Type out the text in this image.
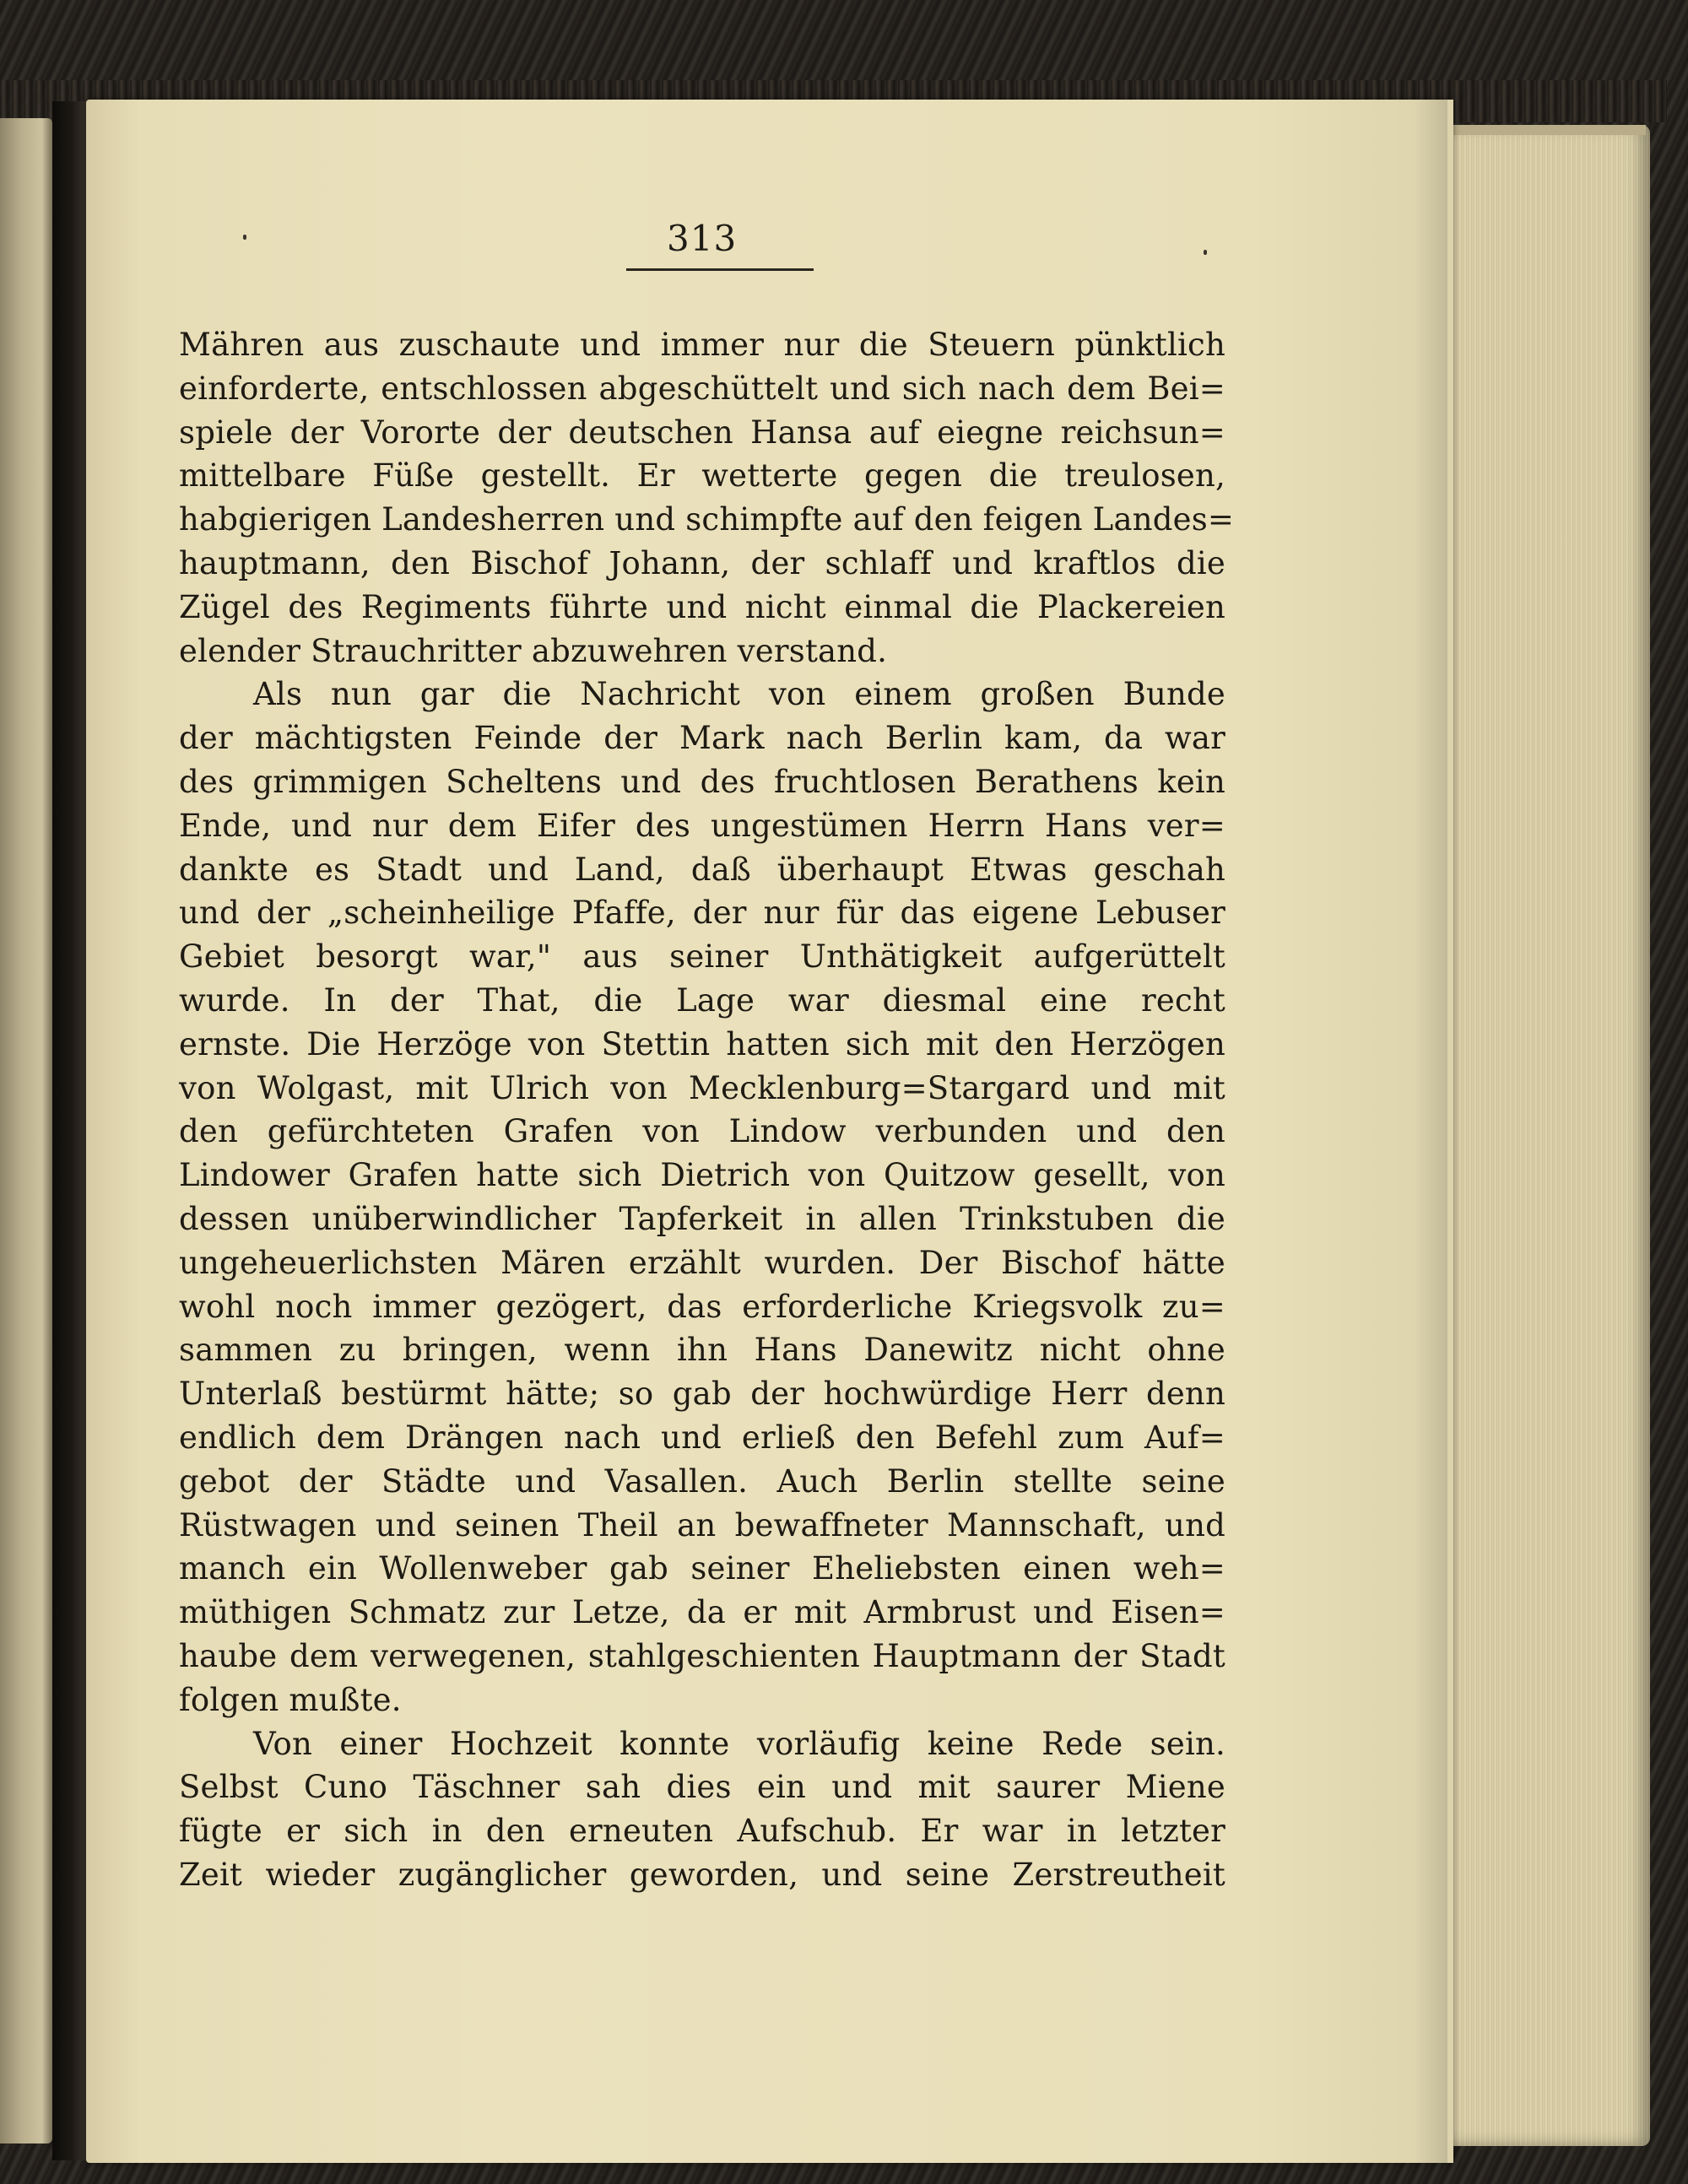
313
Mähren aus zuschaute und immer nur die Steuern pünktlich
einforderte, entschlossen abgeschüttelt und sich nach dem Bei=
spiele der Vororte der deutschen Hansa auf eiegne reichsun=
mittelbare Füße gestellt. Er wetterte gegen die treulosen,
habgierigen Landesherren und schimpfte auf den feigen Landes=
hauptmann, den Bischof Johann, der schlaff und kraftlos die
Zügel des Regiments führte und nicht einmal die Plackereien
elender Strauchritter abzuwehren verstand.
Als nun gar die Nachricht von einem großen Bunde
der mächtigsten Feinde der Mark nach Berlin kam, da war
des grimmigen Scheltens und des fruchtlosen Berathens kein
Ende, und nur dem Eifer des ungestümen Herrn Hans ver=
dankte es Stadt und Land, daß überhaupt Etwas geschah
und der „scheinheilige Pfaffe, der nur für das eigene Lebuser
Gebiet besorgt war," aus seiner Unthätigkeit aufgerüttelt
wurde. In der That, die Lage war diesmal eine recht
ernste. Die Herzöge von Stettin hatten sich mit den Herzögen
von Wolgast, mit Ulrich von Mecklenburg=Stargard und mit
den gefürchteten Grafen von Lindow verbunden und den
Lindower Grafen hatte sich Dietrich von Quitzow gesellt, von
dessen unüberwindlicher Tapferkeit in allen Trinkstuben die
ungeheuerlichsten Mären erzählt wurden. Der Bischof hätte
wohl noch immer gezögert, das erforderliche Kriegsvolk zu=
sammen zu bringen, wenn ihn Hans Danewitz nicht ohne
Unterlaß bestürmt hätte; so gab der hochwürdige Herr denn
endlich dem Drängen nach und erließ den Befehl zum Auf=
gebot der Städte und Vasallen. Auch Berlin stellte seine
Rüstwagen und seinen Theil an bewaffneter Mannschaft, und
manch ein Wollenweber gab seiner Eheliebsten einen weh=
müthigen Schmatz zur Letze, da er mit Armbrust und Eisen=
haube dem verwegenen, stahlgeschienten Hauptmann der Stadt
folgen mußte.
Von einer Hochzeit konnte vorläufig keine Rede sein.
Selbst Cuno Täschner sah dies ein und mit saurer Miene
fügte er sich in den erneuten Aufschub. Er war in letzter
Zeit wieder zugänglicher geworden, und seine Zerstreutheit
